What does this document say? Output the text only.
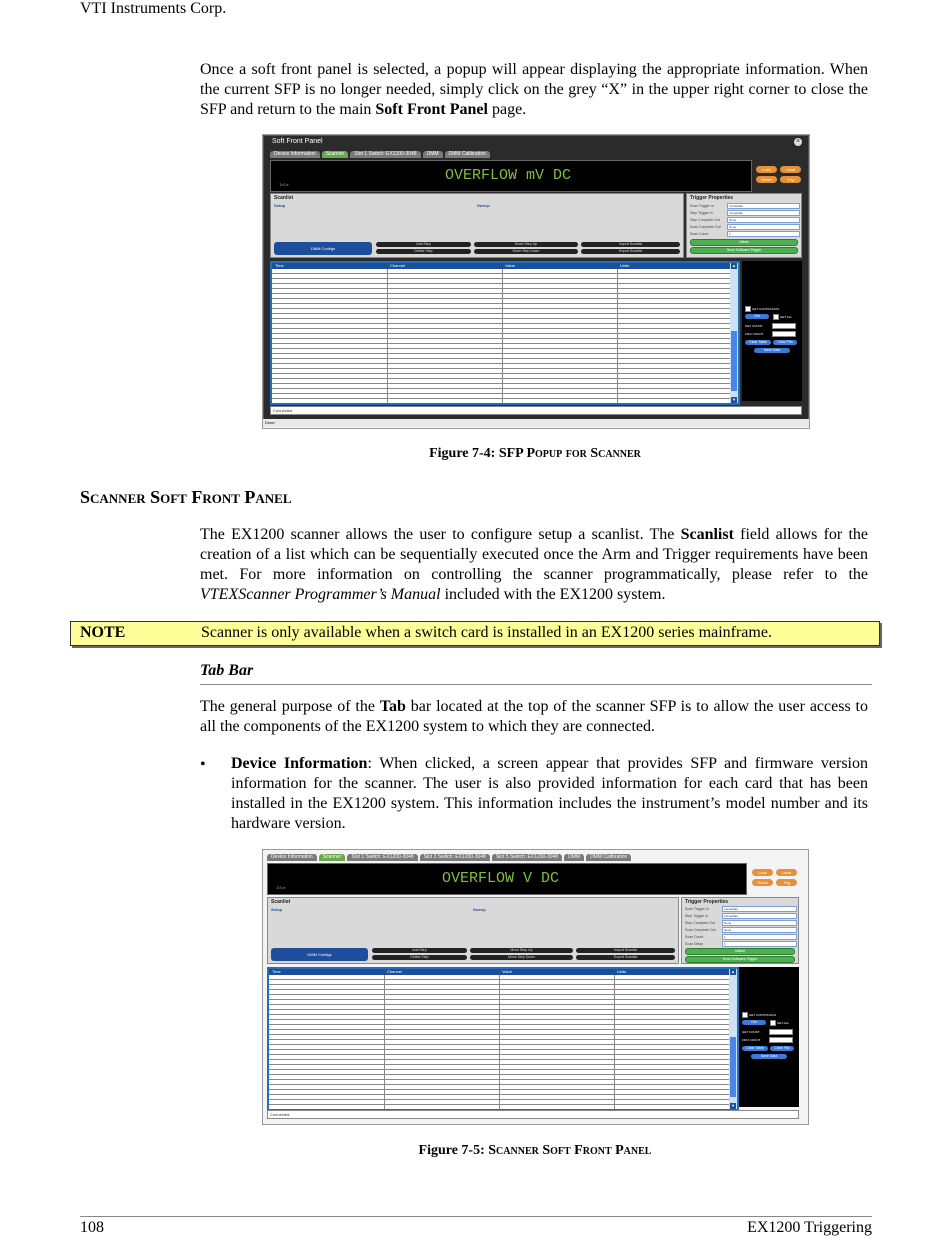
VTI Instruments Corp.
Once a soft front panel is selected, a popup will appear displaying the appropriate information. When the current SFP is no longer needed, simply click on the grey “X” in the upper right corner to close the SFP and return to the main Soft Front Panel page.
Soft Front Panel	×
Device Information	Scanner	Slot 1 Switch: EX1200-3048	DMM	DMM Calibration
OVERFLOW mV DC
Idle
Lock	Local
Reset	Trig
Scanlist
Setup	Sweep
DMM Configs
Add Step	Move Step Up	Import Scanlist
Delete Step	Move Step Down	Export Scanlist
Trigger Properties
Scan Trigger In	Immediate
Step Trigger In	Immediate
Step Complete Out	None
Scan Complete Out	None
Scan Count	1
Initiate
Send Software Trigger
Time	Channel	Value	Units	▲
▼
GET CONTINUOUS
Get	GET ALL
GET COUNT
FIFO COUNT
Clear Table	Clear Fifo
Save Data
Connected
Done
Figure 7-4: SFP Popup for Scanner
Scanner Soft Front Panel
The EX1200 scanner allows the user to configure setup a scanlist. The Scanlist field allows for the creation of a list which can be sequentially executed once the Arm and Trigger requirements have been met. For more information on controlling the scanner programmatically, please refer to the VTEXScanner Programmer’s Manual included with the EX1200 system.
NOTE	Scanner is only available when a switch card is installed in an EX1200 series mainframe.
Tab Bar
The general purpose of the Tab bar located at the top of the scanner SFP is to allow the user access to all the components of the EX1200 system to which they are connected.
• Device Information: When clicked, a screen appear that provides SFP and firmware version information for the scanner. The user is also provided information for each card that has been installed in the EX1200 system. This information includes the instrument’s model number and its hardware version.
Device Information	Scanner	Slot 1 Switch: EX1200-3048	Slot 3 Switch: EX1200-3048	Slot 5 Switch: EX1200-3048	DMM	DMM Calibration
OVERFLOW V DC
Idle
Lock	Local
Reset	Trig
Scanlist
Setup	Sweep
DMM Configs
Add Step	Move Step Up	Import Scanlist
Delete Step	Move Step Down	Export Scanlist
Trigger Properties
Scan Trigger In	Immediate
Step Trigger In	Immediate
Step Complete Out	None
Scan Complete Out	None
Scan Count	1
Scan Delay	0
Initiate
Send Software Trigger
Time	Channel	Value	Units	▲
▼
GET CONTINUOUS
Get	GET ALL
GET COUNT
FIFO COUNT
Clear Table	Clear Fifo
Save Data
Connected
Figure 7-5: Scanner Soft Front Panel
108	EX1200 Triggering
